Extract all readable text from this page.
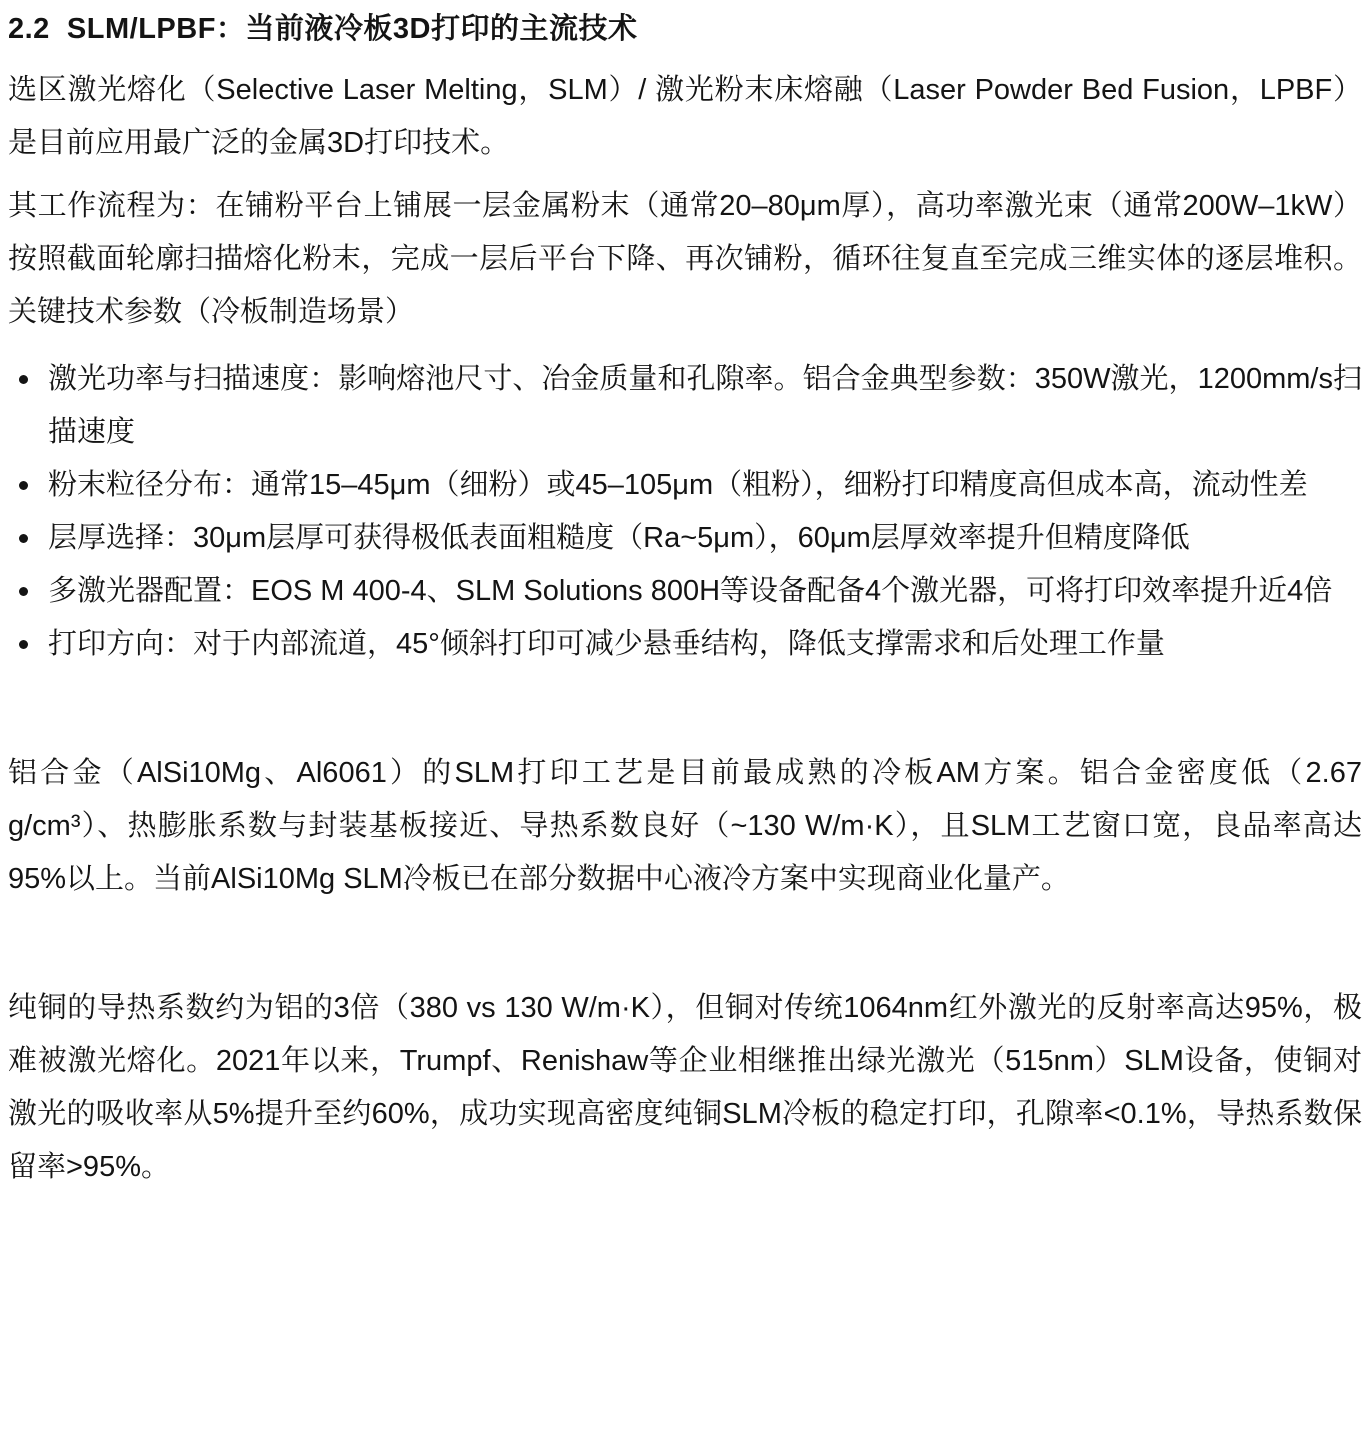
2.2  SLM/LPBF：当前液冷板3D打印的主流技术

选区激光熔化（Selective Laser Melting，SLM）/ 激光粉末床熔融（Laser Powder Bed Fusion，LPBF）是目前应用最广泛的金属3D打印技术。

其工作流程为：在铺粉平台上铺展一层金属粉末（通常20–80μm厚），高功率激光束（通常200W–1kW）按照截面轮廓扫描熔化粉末，完成一层后平台下降、再次铺粉，循环往复直至完成三维实体的逐层堆积。关键技术参数（冷板制造场景）

激光功率与扫描速度：影响熔池尺寸、冶金质量和孔隙率。铝合金典型参数：350W激光，1200mm/s扫描速度
粉末粒径分布：通常15–45μm（细粉）或45–105μm（粗粉），细粉打印精度高但成本高，流动性差
层厚选择：30μm层厚可获得极低表面粗糙度（Ra~5μm），60μm层厚效率提升但精度降低
多激光器配置：EOS M 400-4、SLM Solutions 800H等设备配备4个激光器，可将打印效率提升近4倍
打印方向：对于内部流道，45°倾斜打印可减少悬垂结构，降低支撑需求和后处理工作量

铝合金（AlSi10Mg、Al6061）的SLM打印工艺是目前最成熟的冷板AM方案。铝合金密度低（2.67 g/cm³）、热膨胀系数与封装基板接近、导热系数良好（~130 W/m·K），且SLM工艺窗口宽，良品率高达95%以上。当前AlSi10Mg SLM冷板已在部分数据中心液冷方案中实现商业化量产。

纯铜的导热系数约为铝的3倍（380 vs 130 W/m·K），但铜对传统1064nm红外激光的反射率高达95%，极难被激光熔化。2021年以来，Trumpf、Renishaw等企业相继推出绿光激光（515nm）SLM设备，使铜对激光的吸收率从5%提升至约60%，成功实现高密度纯铜SLM冷板的稳定打印，孔隙率<0.1%，导热系数保留率>95%。
